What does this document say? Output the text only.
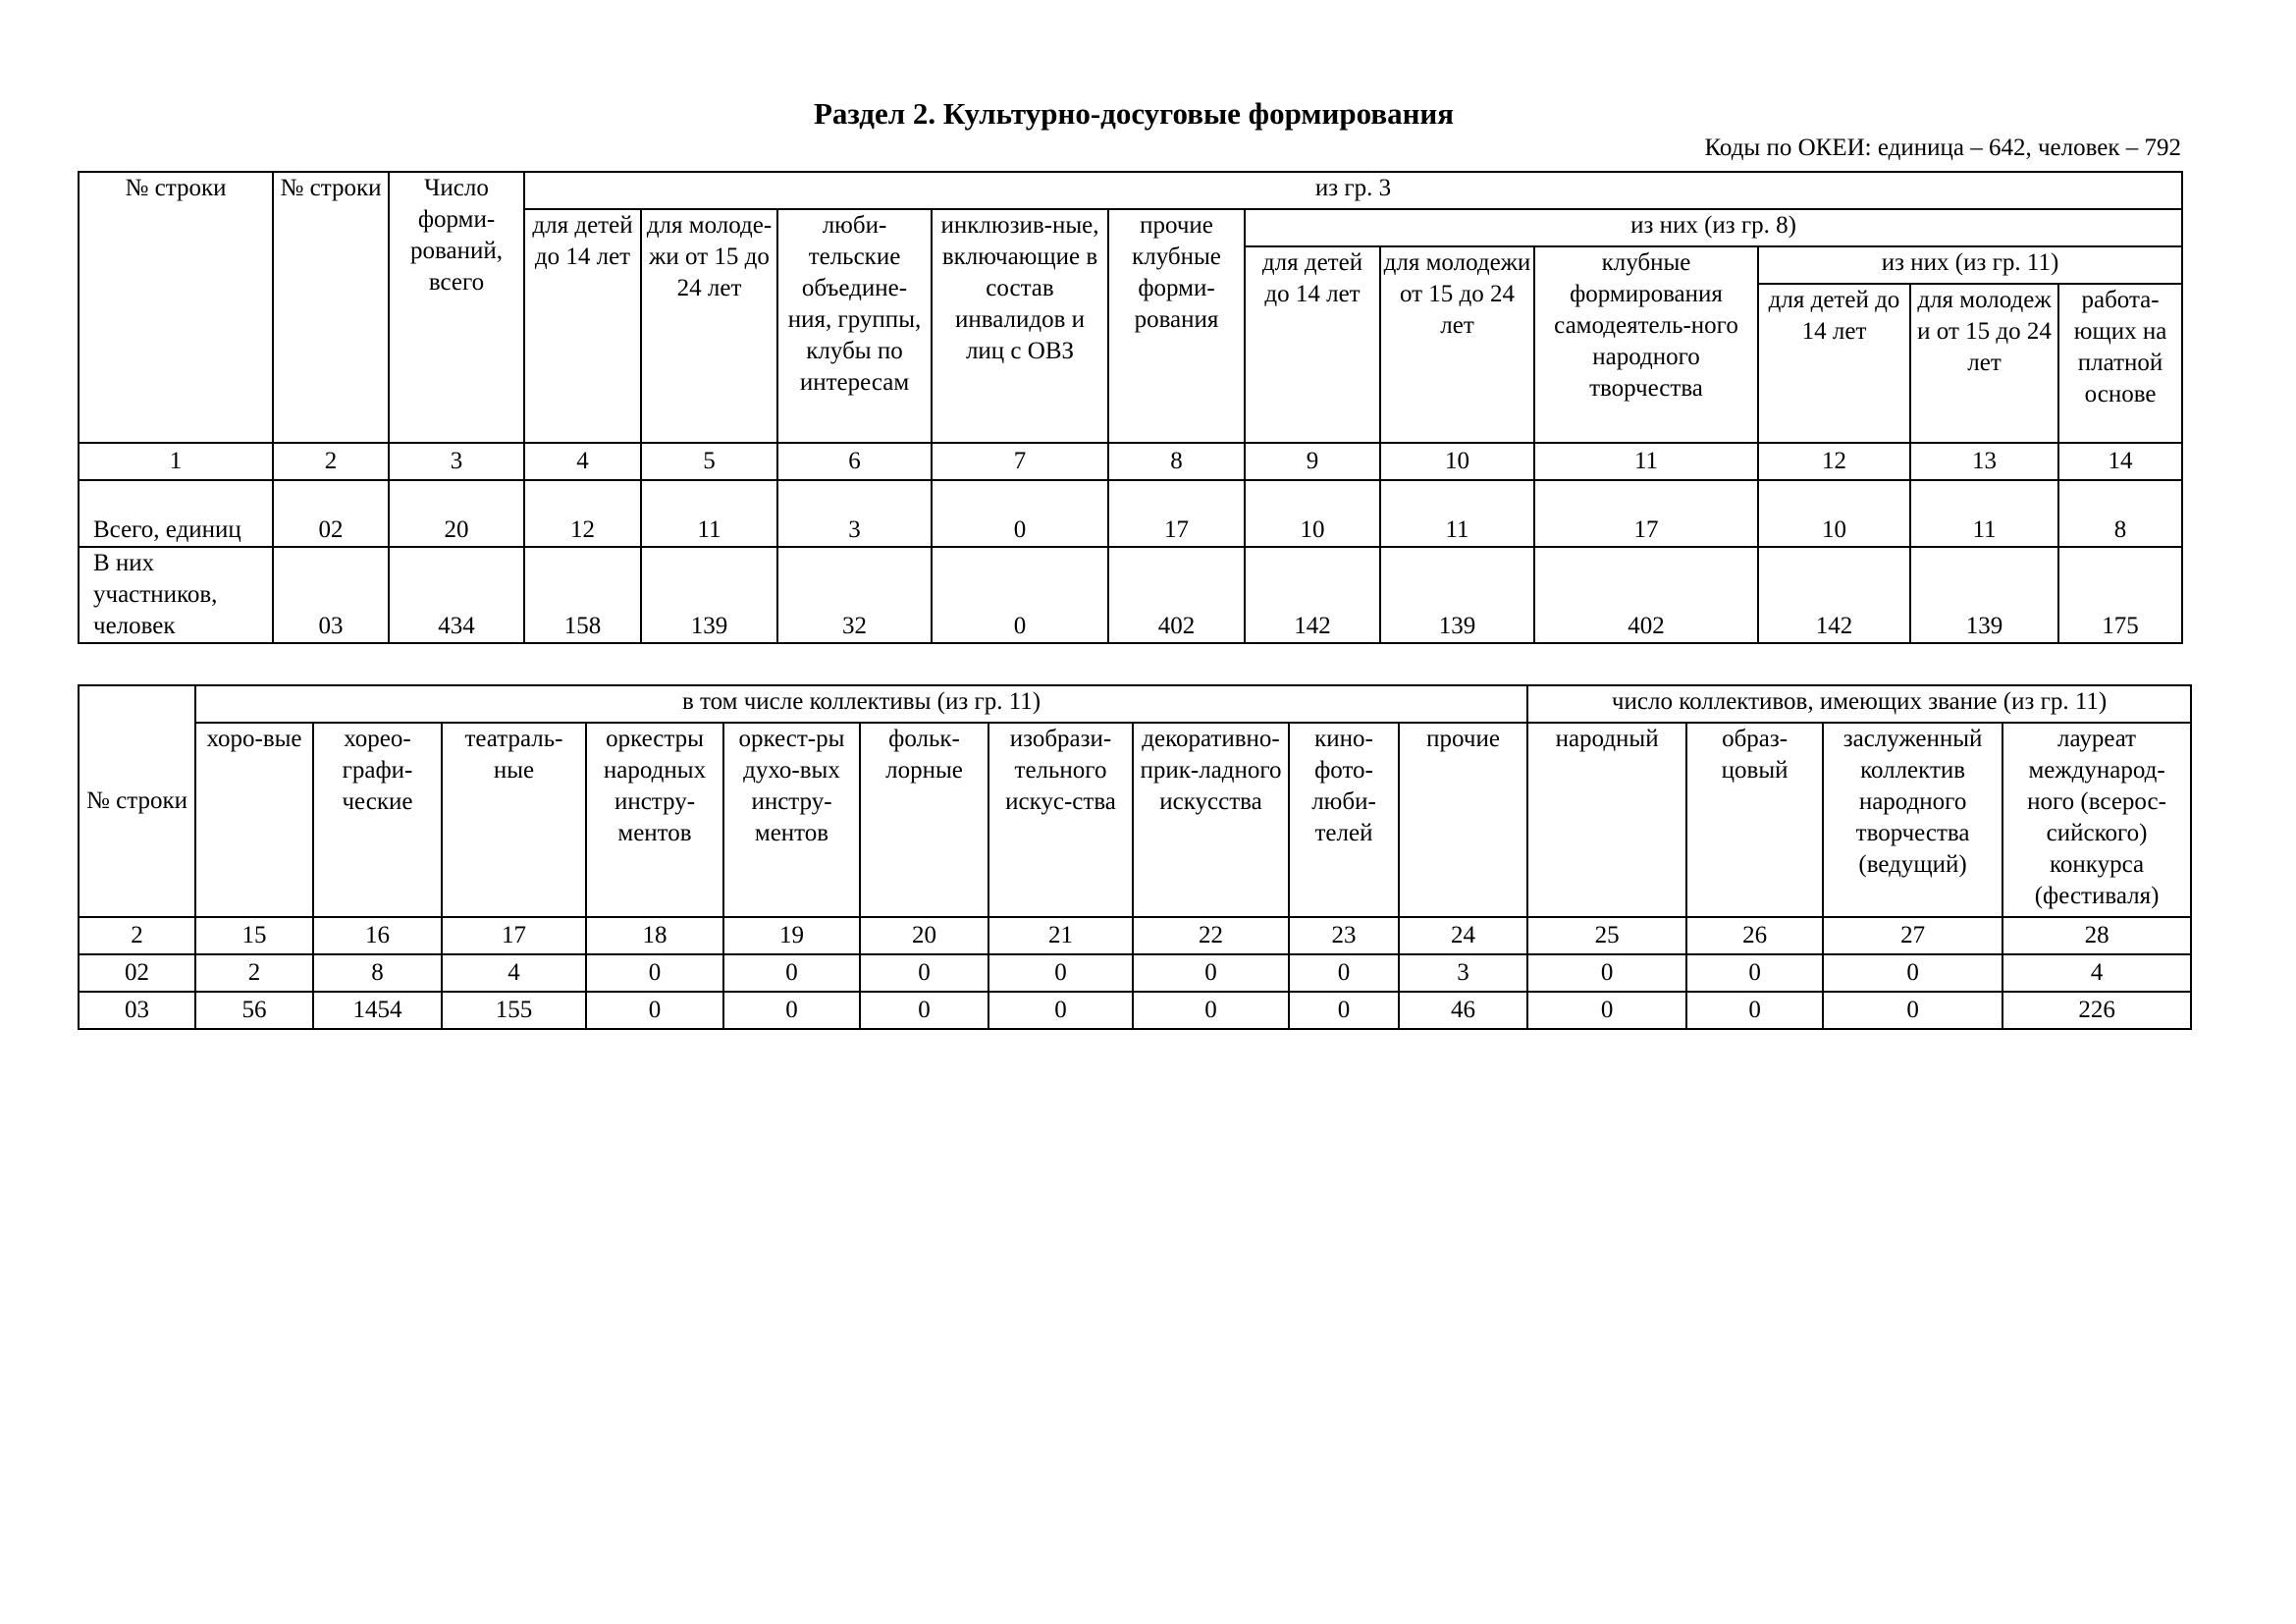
Раздел 2. Культурно-досуговые формирования
Коды по ОКЕИ: единица – 642, человек – 792
№ строки	№ строки	Число форми-рований, всего	из гр. 3										
			для детей до 14 лет	для молоде-жи от 15 до 24 лет	люби-тельские объедине-ния, группы, клубы по интересам	инклюзив-ные, включающие в состав инвалидов и лиц с ОВЗ	прочие клубные форми-рования	из них (из гр. 8)					
								для детей до 14 лет	для молодежи от 15 до 24 лет	клубные формирования самодеятель-ного народного творчества	из них (из гр. 11)		
											для детей до 14 лет	для молодеж и от 15 до 24 лет	работа-ющих на платной основе
1	2	3	4	5	6	7	8	9	10	11	12	13	14
Всего, единиц	02	20	12	11	3	0	17	10	11	17	10	11	8
В них участников, человек	03	434	158	139	32	0	402	142	139	402	142	139	175
№ строки	в том числе коллективы (из гр. 11)										число коллективов, имеющих звание (из гр. 11)			
	хоро-вые	хорео-графи-ческие	театраль-ные	оркестры народных инстру-ментов	оркест-ры духо-вых инстру-ментов	фольк-лорные	изобрази-тельного искус-ства	декоративно-прик-ладного искусства	кино-фото-люби-телей	прочие	народный	образ-цовый	заслуженный коллектив народного творчества (ведущий)	лауреат международ-ного (всерос-сийского) конкурса (фестиваля)
2	15	16	17	18	19	20	21	22	23	24	25	26	27	28
02	2	8	4	0	0	0	0	0	0	3	0	0	0	4
03	56	1454	155	0	0	0	0	0	0	46	0	0	0	226
